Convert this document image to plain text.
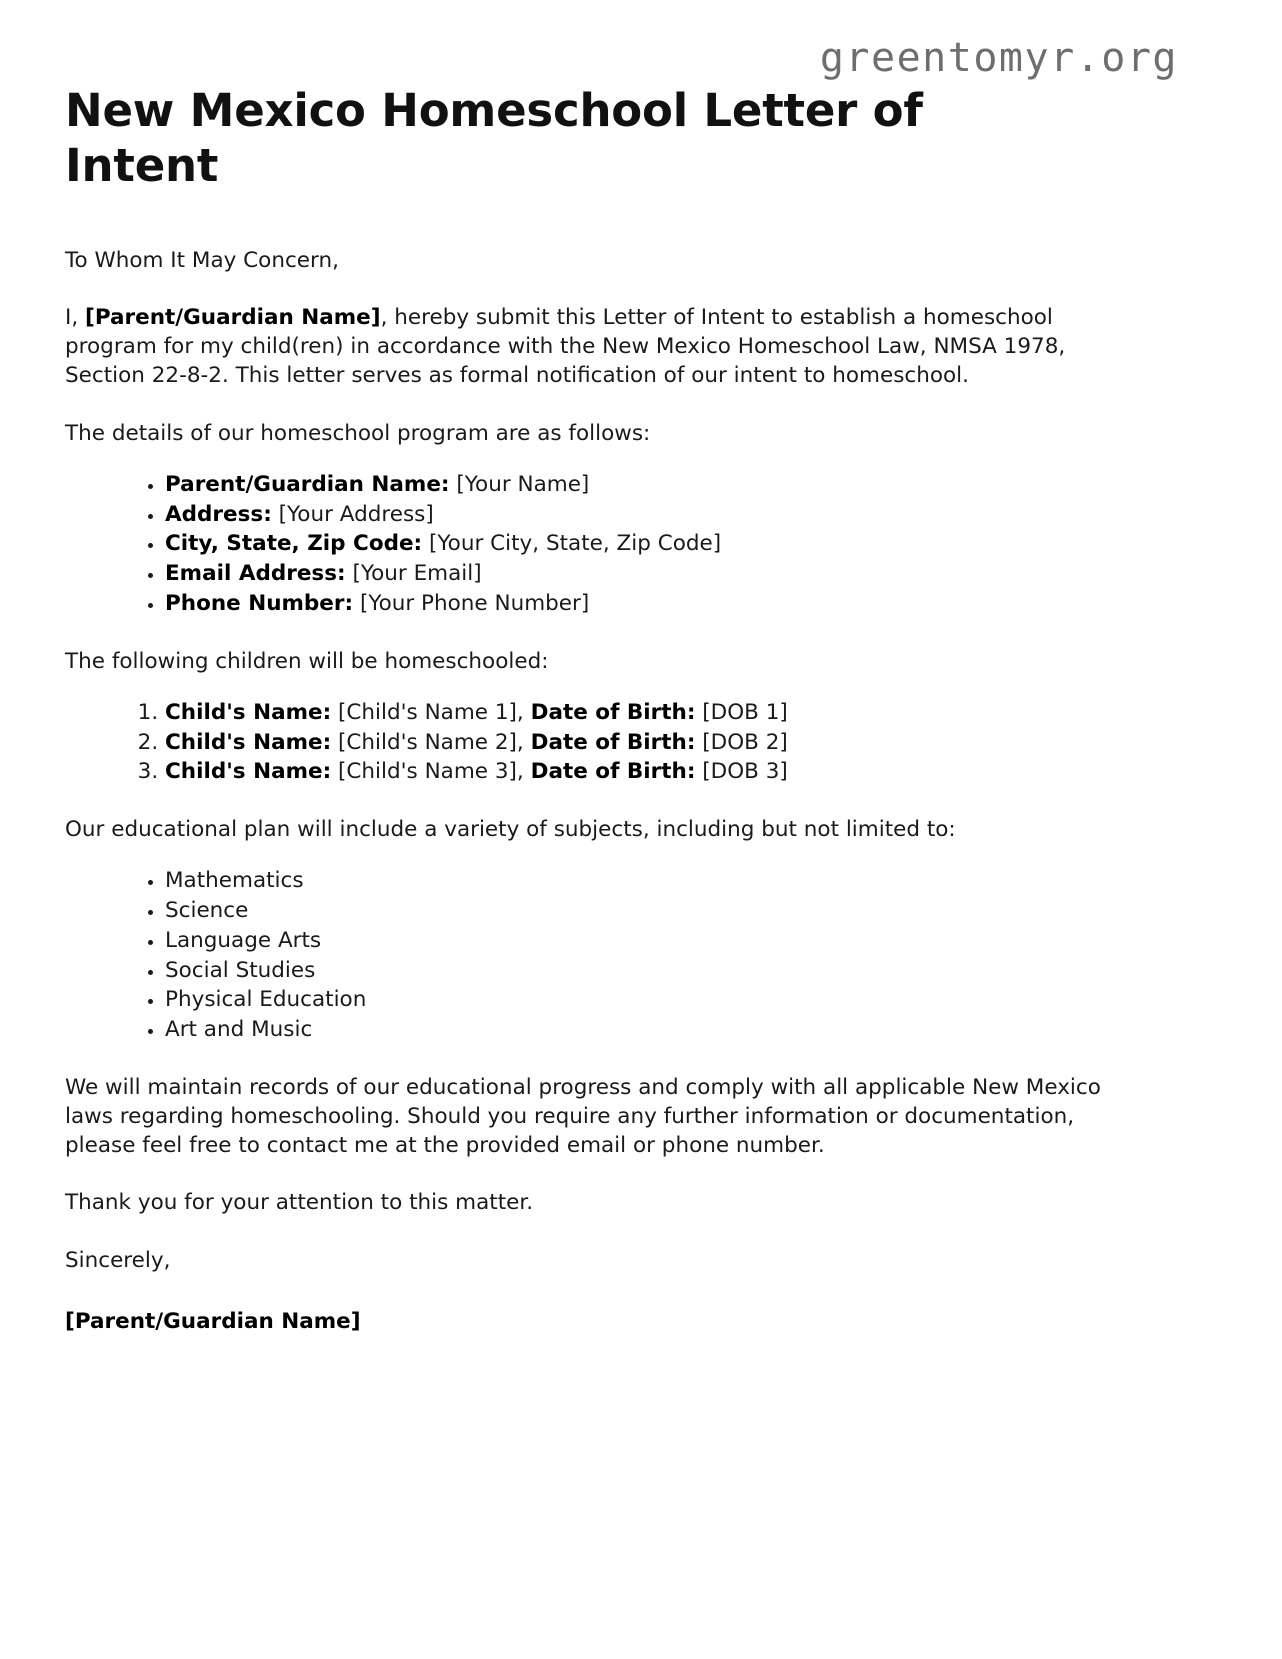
greentomyr.org
New Mexico Homeschool Letter of Intent

To Whom It May Concern,

I, [Parent/Guardian Name], hereby submit this Letter of Intent to establish a homeschool program for my child(ren) in accordance with the New Mexico Homeschool Law, NMSA 1978, Section 22-8-2. This letter serves as formal notification of our intent to homeschool.

The details of our homeschool program are as follows:

• Parent/Guardian Name: [Your Name]
• Address: [Your Address]
• City, State, Zip Code: [Your City, State, Zip Code]
• Email Address: [Your Email]
• Phone Number: [Your Phone Number]

The following children will be homeschooled:

1. Child's Name: [Child's Name 1], Date of Birth: [DOB 1]
2. Child's Name: [Child's Name 2], Date of Birth: [DOB 2]
3. Child's Name: [Child's Name 3], Date of Birth: [DOB 3]

Our educational plan will include a variety of subjects, including but not limited to:

• Mathematics
• Science
• Language Arts
• Social Studies
• Physical Education
• Art and Music

We will maintain records of our educational progress and comply with all applicable New Mexico laws regarding homeschooling. Should you require any further information or documentation, please feel free to contact me at the provided email or phone number.

Thank you for your attention to this matter.

Sincerely,

[Parent/Guardian Name]
